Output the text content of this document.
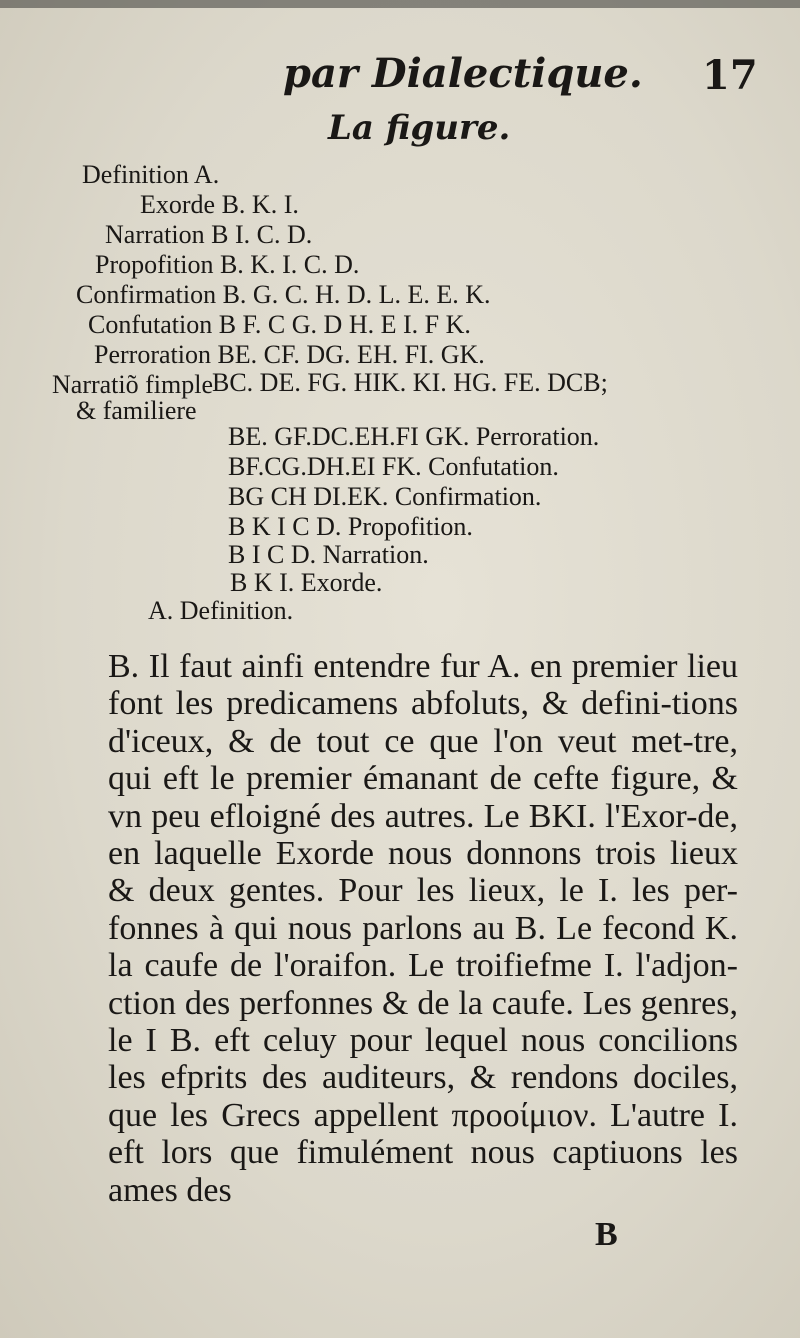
par Dialectique. 17
La figure.
Definition A.
Exorde B. K. I.
Narration B I. C. D.
Propofition B. K. I. C. D.
Confirmation B. G. C. H. D. L. E. E. K.
Confutation B F. C G. D H. E I. F K.
Perroration BE. CF. DG. EH. FI. GK.
Narratiõ fimple BC. DE. FG. HIK. KI. HG. FE. DCB;
& familiere
BE. GF.DC.EH.FI GK. Perroration.
BF.CG.DH.EI FK. Confutation.
BG CH DI.EK. Confirmation.
B K I C D. Propofition.
B I C D. Narration.
B K I. Exorde.
A. Definition.

B. Il faut ainfi entendre fur A. en premier lieu font les predicamens abfoluts, & defini-tions d'iceux, & de tout ce que l'on veut met-tre, qui eft le premier émanant de cefte figure, & vn peu efloigné des autres. Le BKI. l'Exor-de, en laquelle Exorde nous donnons trois lieux & deux gentes. Pour les lieux, le I. les per-fonnes à qui nous parlons au B. Le fecond K. la caufe de l'oraifon. Le troifiefme I. l'adjon-ction des perfonnes & de la caufe. Les genres, le I B. eft celuy pour lequel nous concilions les efprits des auditeurs, & rendons dociles, que les Grecs appellent προοίμιον. L'autre I. eft lors que fimulément nous captiuons les ames des

B
